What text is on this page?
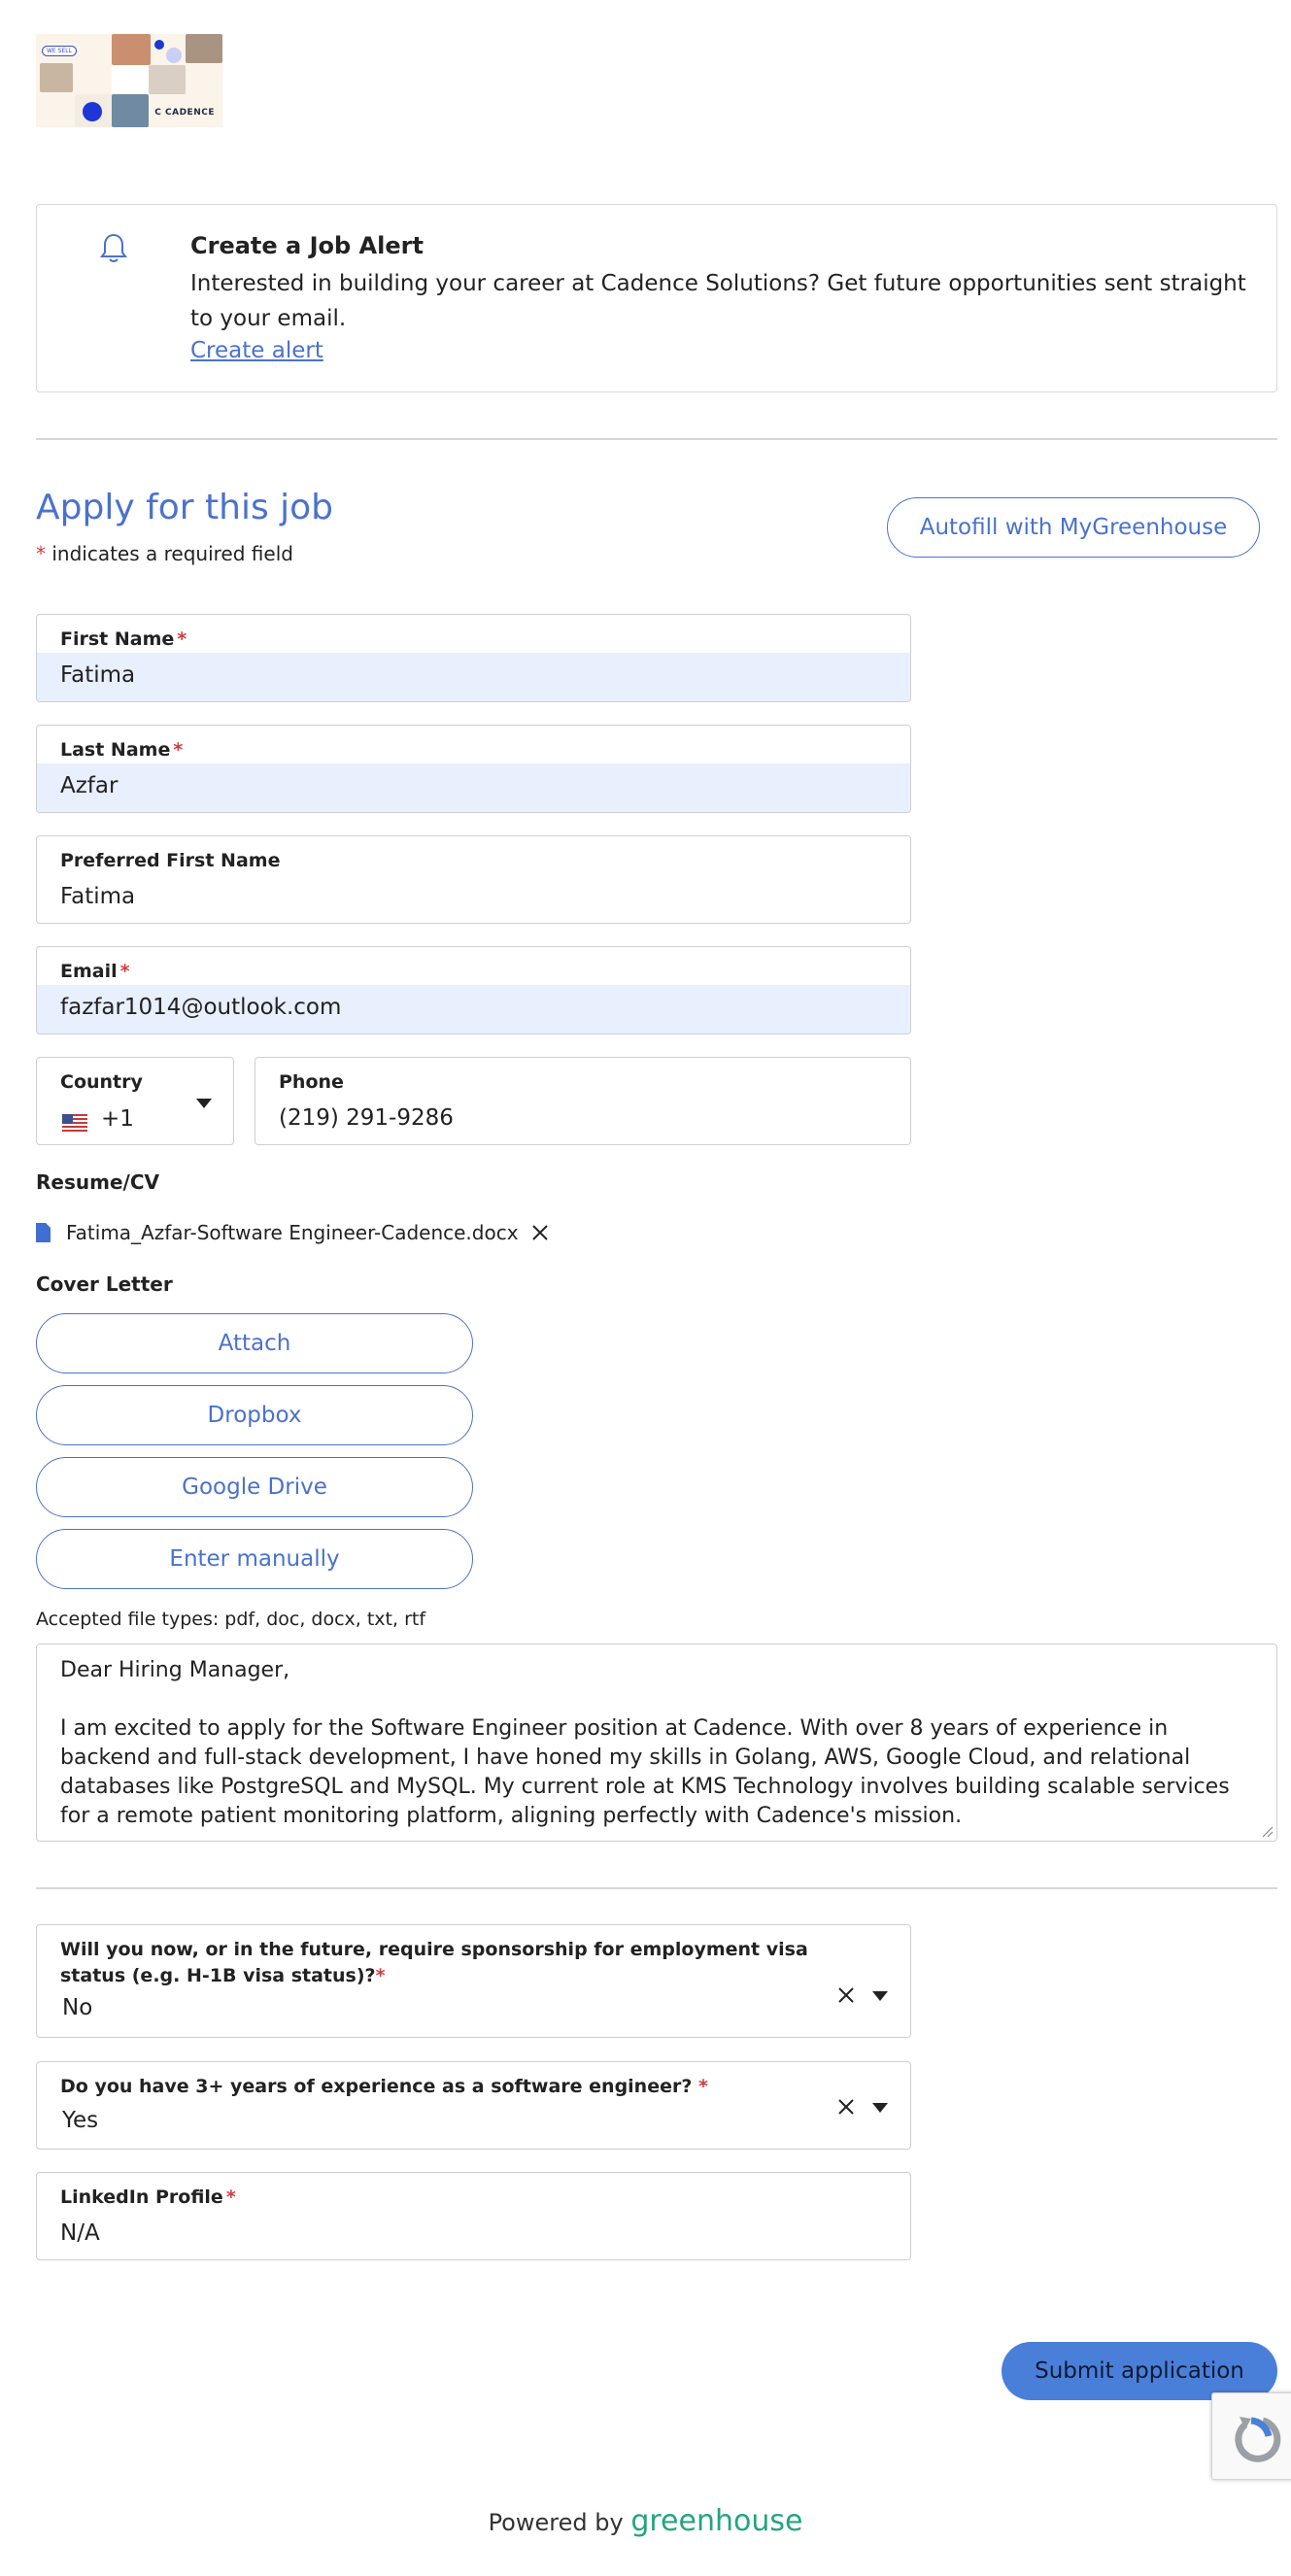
WE SELL
C CADENCE
Create a Job Alert
Interested in building your career at Cadence Solutions? Get future opportunities sent straight to your email.
Create alert
Apply for this job
* indicates a required field
Autofill with MyGreenhouse
First Name *
Fatima
Last Name *
Azfar
Preferred First Name
Fatima
Email *
fazfar1014@outlook.com
Country
+1
Phone
(219) 291-9286
Resume/CV
Fatima_Azfar-Software Engineer-Cadence.docx
Cover Letter
Attach
Dropbox
Google Drive
Enter manually
Accepted file types: pdf, doc, docx, txt, rtf
Dear Hiring Manager,

I am excited to apply for the Software Engineer position at Cadence. With over 8 years of experience in backend and full-stack development, I have honed my skills in Golang, AWS, Google Cloud, and relational databases like PostgreSQL and MySQL. My current role at KMS Technology involves building scalable services for a remote patient monitoring platform, aligning perfectly with Cadence's mission.
Will you now, or in the future, require sponsorship for employment visa status (e.g. H-1B visa status)?*
No
Do you have 3+ years of experience as a software engineer? *
Yes
LinkedIn Profile *
N/A
Submit application
Powered by greenhouse
